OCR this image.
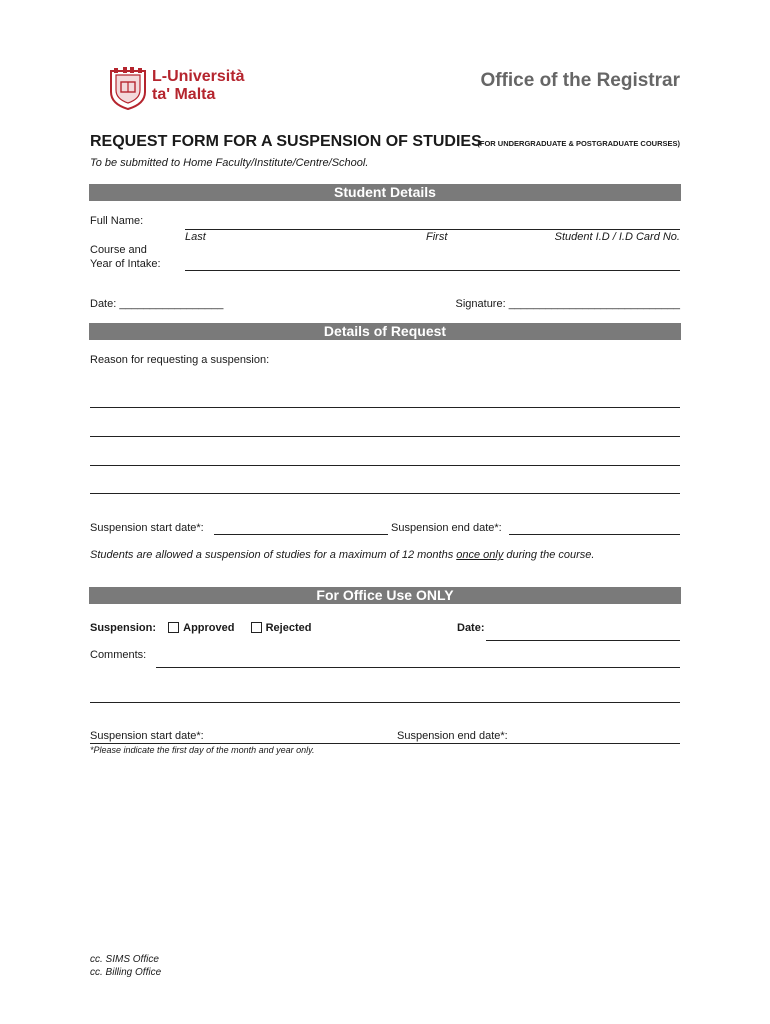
L-Università
ta' Malta
Office of the Registrar
REQUEST FORM FOR A SUSPENSION OF STUDIES
(FOR UNDERGRADUATE & POSTGRADUATE COURSES)
To be submitted to Home Faculty/Institute/Centre/School.
Student Details
Full Name:
Last	First	Student I.D / I.D Card No.
Course and
Year of Intake:
Date: _________________	Signature: ____________________________
Details of Request
Reason for requesting a suspension:
Suspension start date*:	Suspension end date*:
Students are allowed a suspension of studies for a maximum of 12 months once only during the course.
For Office Use ONLY
Suspension: Approved	Rejected	Date:
Comments:
Suspension start date*:	Suspension end date*:
*Please indicate the first day of the month and year only.
cc. SIMS Office
cc. Billing Office
